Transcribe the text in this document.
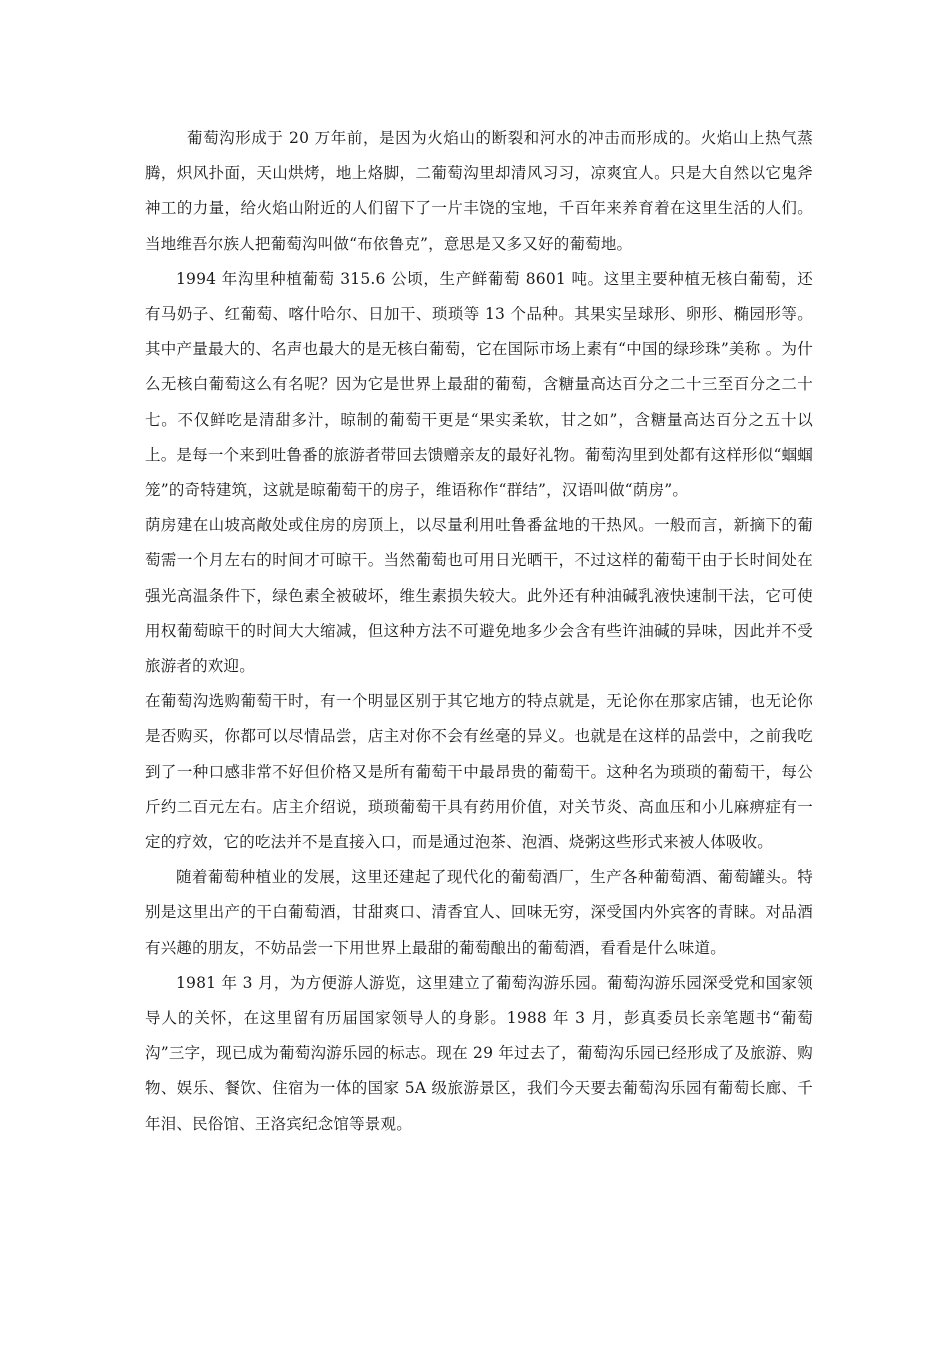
葡萄沟形成于 20 万年前，是因为火焰山的断裂和河水的冲击而形成的。火焰山上热气蒸腾，炽风扑面，天山烘烤，地上烙脚，二葡萄沟里却清风习习，凉爽宜人。只是大自然以它鬼斧神工的力量，给火焰山附近的人们留下了一片丰饶的宝地，千百年来养育着在这里生活的人们。当地维吾尔族人把葡萄沟叫做“布依鲁克”，意思是又多又好的葡萄地。

1994 年沟里种植葡萄 315.6 公顷，生产鲜葡萄 8601 吨。这里主要种植无核白葡萄，还有马奶子、红葡萄、喀什哈尔、日加干、琐琐等 13 个品种。其果实呈球形、卵形、椭园形等。其中产量最大的、名声也最大的是无核白葡萄，它在国际市场上素有“中国的绿珍珠”美称 。为什么无核白葡萄这么有名呢？因为它是世界上最甜的葡萄，含糖量高达百分之二十三至百分之二十七。不仅鲜吃是清甜多汁，晾制的葡萄干更是“果实柔软，甘之如”，含糖量高达百分之五十以上。是每一个来到吐鲁番的旅游者带回去馈赠亲友的最好礼物。葡萄沟里到处都有这样形似“蝈蝈笼”的奇特建筑，这就是晾葡萄干的房子，维语称作“群结”，汉语叫做“荫房”。

荫房建在山坡高敞处或住房的房顶上，以尽量利用吐鲁番盆地的干热风。一般而言，新摘下的葡萄需一个月左右的时间才可晾干。当然葡萄也可用日光晒干，不过这样的葡萄干由于长时间处在强光高温条件下，绿色素全被破坏，维生素损失较大。此外还有种油碱乳液快速制干法，它可使用权葡萄晾干的时间大大缩减，但这种方法不可避免地多少会含有些许油碱的异味，因此并不受旅游者的欢迎。

在葡萄沟选购葡萄干时，有一个明显区别于其它地方的特点就是，无论你在那家店铺，也无论你是否购买，你都可以尽情品尝，店主对你不会有丝毫的异义。也就是在这样的品尝中，之前我吃到了一种口感非常不好但价格又是所有葡萄干中最昂贵的葡萄干。这种名为琐琐的葡萄干，每公斤约二百元左右。店主介绍说，琐琐葡萄干具有药用价值，对关节炎、高血压和小儿麻痹症有一定的疗效，它的吃法并不是直接入口，而是通过泡茶、泡酒、烧粥这些形式来被人体吸收。

随着葡萄种植业的发展，这里还建起了现代化的葡萄酒厂，生产各种葡萄酒、葡萄罐头。特别是这里出产的干白葡萄酒，甘甜爽口、清香宜人、回味无穷，深受国内外宾客的青睐。对品酒有兴趣的朋友，不妨品尝一下用世界上最甜的葡萄酿出的葡萄酒，看看是什么味道。

1981 年 3 月，为方便游人游览，这里建立了葡萄沟游乐园。葡萄沟游乐园深受党和国家领导人的关怀，在这里留有历届国家领导人的身影。1988 年 3 月，彭真委员长亲笔题书“葡萄沟”三字，现已成为葡萄沟游乐园的标志。现在 29 年过去了，葡萄沟乐园已经形成了及旅游、购物、娱乐、餐饮、住宿为一体的国家 5A 级旅游景区，我们今天要去葡萄沟乐园有葡萄长廊、千年泪、民俗馆、王洛宾纪念馆等景观。
